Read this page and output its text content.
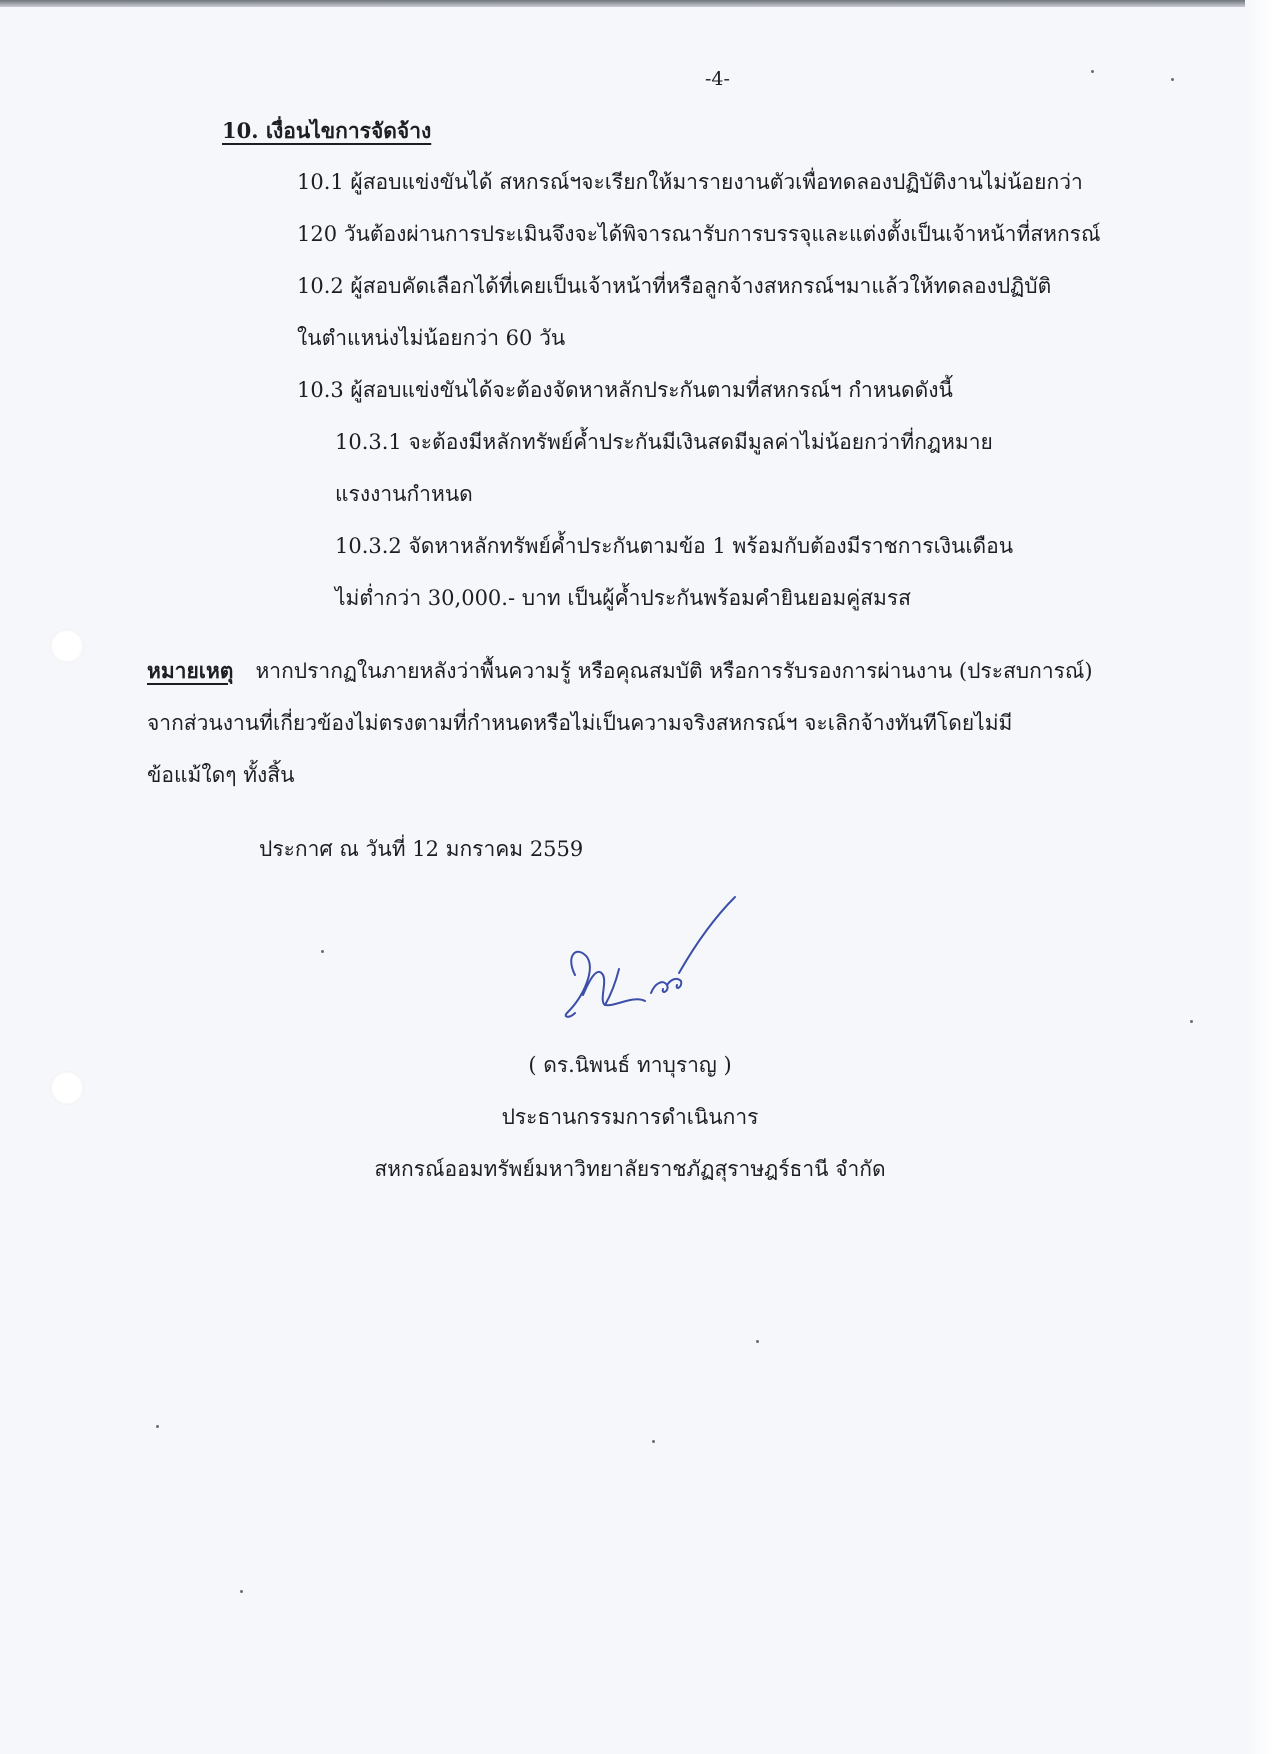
-4-
10. เงื่อนไขการจัดจ้าง
10.1 ผู้สอบแข่งขันได้ สหกรณ์ฯจะเรียกให้มารายงานตัวเพื่อทดลองปฏิบัติงานไม่น้อยกว่า
120 วันต้องผ่านการประเมินจึงจะได้พิจารณารับการบรรจุและแต่งตั้งเป็นเจ้าหน้าที่สหกรณ์
10.2 ผู้สอบคัดเลือกได้ที่เคยเป็นเจ้าหน้าที่หรือลูกจ้างสหกรณ์ฯมาแล้วให้ทดลองปฏิบัติ
ในตำแหน่งไม่น้อยกว่า 60 วัน
10.3 ผู้สอบแข่งขันได้จะต้องจัดหาหลักประกันตามที่สหกรณ์ฯ กำหนดดังนี้
10.3.1 จะต้องมีหลักทรัพย์ค้ำประกันมีเงินสดมีมูลค่าไม่น้อยกว่าที่กฎหมาย
แรงงานกำหนด
10.3.2 จัดหาหลักทรัพย์ค้ำประกันตามข้อ 1 พร้อมกับต้องมีราชการเงินเดือน
ไม่ต่ำกว่า 30,000.- บาท เป็นผู้ค้ำประกันพร้อมคำยินยอมคู่สมรส
หมายเหตุ หากปรากฏในภายหลังว่าพื้นความรู้ หรือคุณสมบัติ หรือการรับรองการผ่านงาน (ประสบการณ์)
จากส่วนงานที่เกี่ยวข้องไม่ตรงตามที่กำหนดหรือไม่เป็นความจริงสหกรณ์ฯ จะเลิกจ้างทันทีโดยไม่มี
ข้อแม้ใดๆ ทั้งสิ้น
ประกาศ ณ วันที่ 12 มกราคม 2559
( ดร.นิพนธ์ ทาบุราญ )
ประธานกรรมการดำเนินการ
สหกรณ์ออมทรัพย์มหาวิทยาลัยราชภัฏสุราษฎร์ธานี จำกัด
